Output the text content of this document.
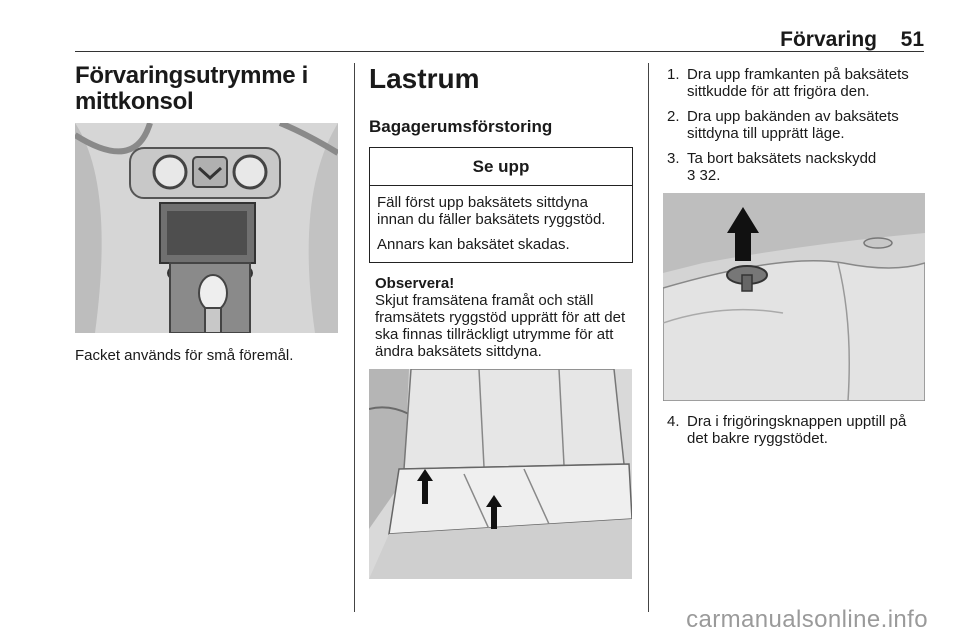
Förvaring 51
Förvaringsutrymme i mittkonsol

Facket används för små föremål.

Lastrum
Bagagerumsförstoring
Se upp

Fäll först upp baksätets sittdyna innan du fäller baksätets ryggstöd.

Annars kan baksätet skadas.

Observera!

Skjut framsätena framåt och ställ framsätets ryggstöd upprätt för att det ska finnas tillräckligt utrymme för att ändra baksätets sittdyna.

1. Dra upp framkanten på baksätets sittkudde för att frigöra den.
2. Dra upp bakänden av baksätets sittdyna till upprätt läge.
3. Ta bort baksätets nackskydd
3 32.
4. Dra i frigöringsknappen upptill på det bakre ryggstödet.
carmanualsonline.info
